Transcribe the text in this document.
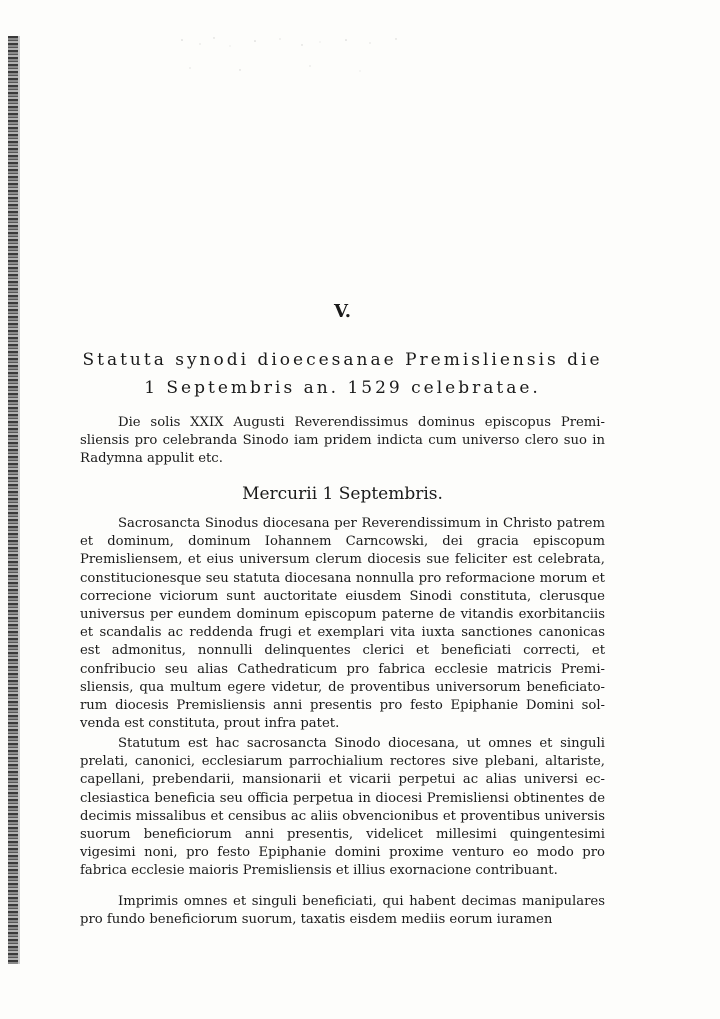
V.
Statuta synodi dioecesanae Premisliensis die
1 Septembris an. 1529 celebratae.

Die solis XXIX Augusti Reverendissimus dominus episcopus Premisliensis pro celebranda Sinodo iam pridem indicta cum universo clero suo in Radymna appulit etc.

Mercurii 1 Septembris.

Sacrosancta Sinodus diocesana per Reverendissimum in Christo patrem et dominum, dominum Iohannem Carncowski, dei gracia episcopum Premisliensem, et eius universum clerum diocesis sue feliciter est celebrata, constitucionesque seu statuta diocesana nonnulla pro reformacione morum et correcione viciorum sunt auctoritate eiusdem Sinodi constituta, clerusque universus per eundem dominum episcopum paterne de vitandis exorbitanciis et scandalis ac reddenda frugi et exemplari vita iuxta sanctiones canonicas est admonitus, nonnulli delinquentes clerici et beneficiati correcti, et confribucio seu alias Cathedraticum pro fabrica ecclesie matricis Premisliensis, qua multum egere videtur, de proventibus universorum beneficiatorum diocesis Premisliensis anni presentis pro festo Epiphanie Domini solvenda est constituta, prout infra patet.

Statutum est hac sacrosancta Sinodo diocesana, ut omnes et singuli prelati, canonici, ecclesiarum parrochialium rectores sive plebani, altariste, capellani, prebendarii, mansionarii et vicarii perpetui ac alias universi ecclesiastica beneficia seu officia perpetua in diocesi Premisliensi obtinentes de decimis missalibus et censibus ac aliis obvencionibus et proventibus universis suorum beneficiorum anni presentis, videlicet millesimi quingentesimi vigesimi noni, pro festo Epiphanie domini proxime venturo eo modo pro fabrica ecclesie maioris Premisliensis et illius exornacione contribuant.

Imprimis omnes et singuli beneficiati, qui habent decimas manipulares pro fundo beneficiorum suorum, taxatis eisdem mediis eorum iuramen
